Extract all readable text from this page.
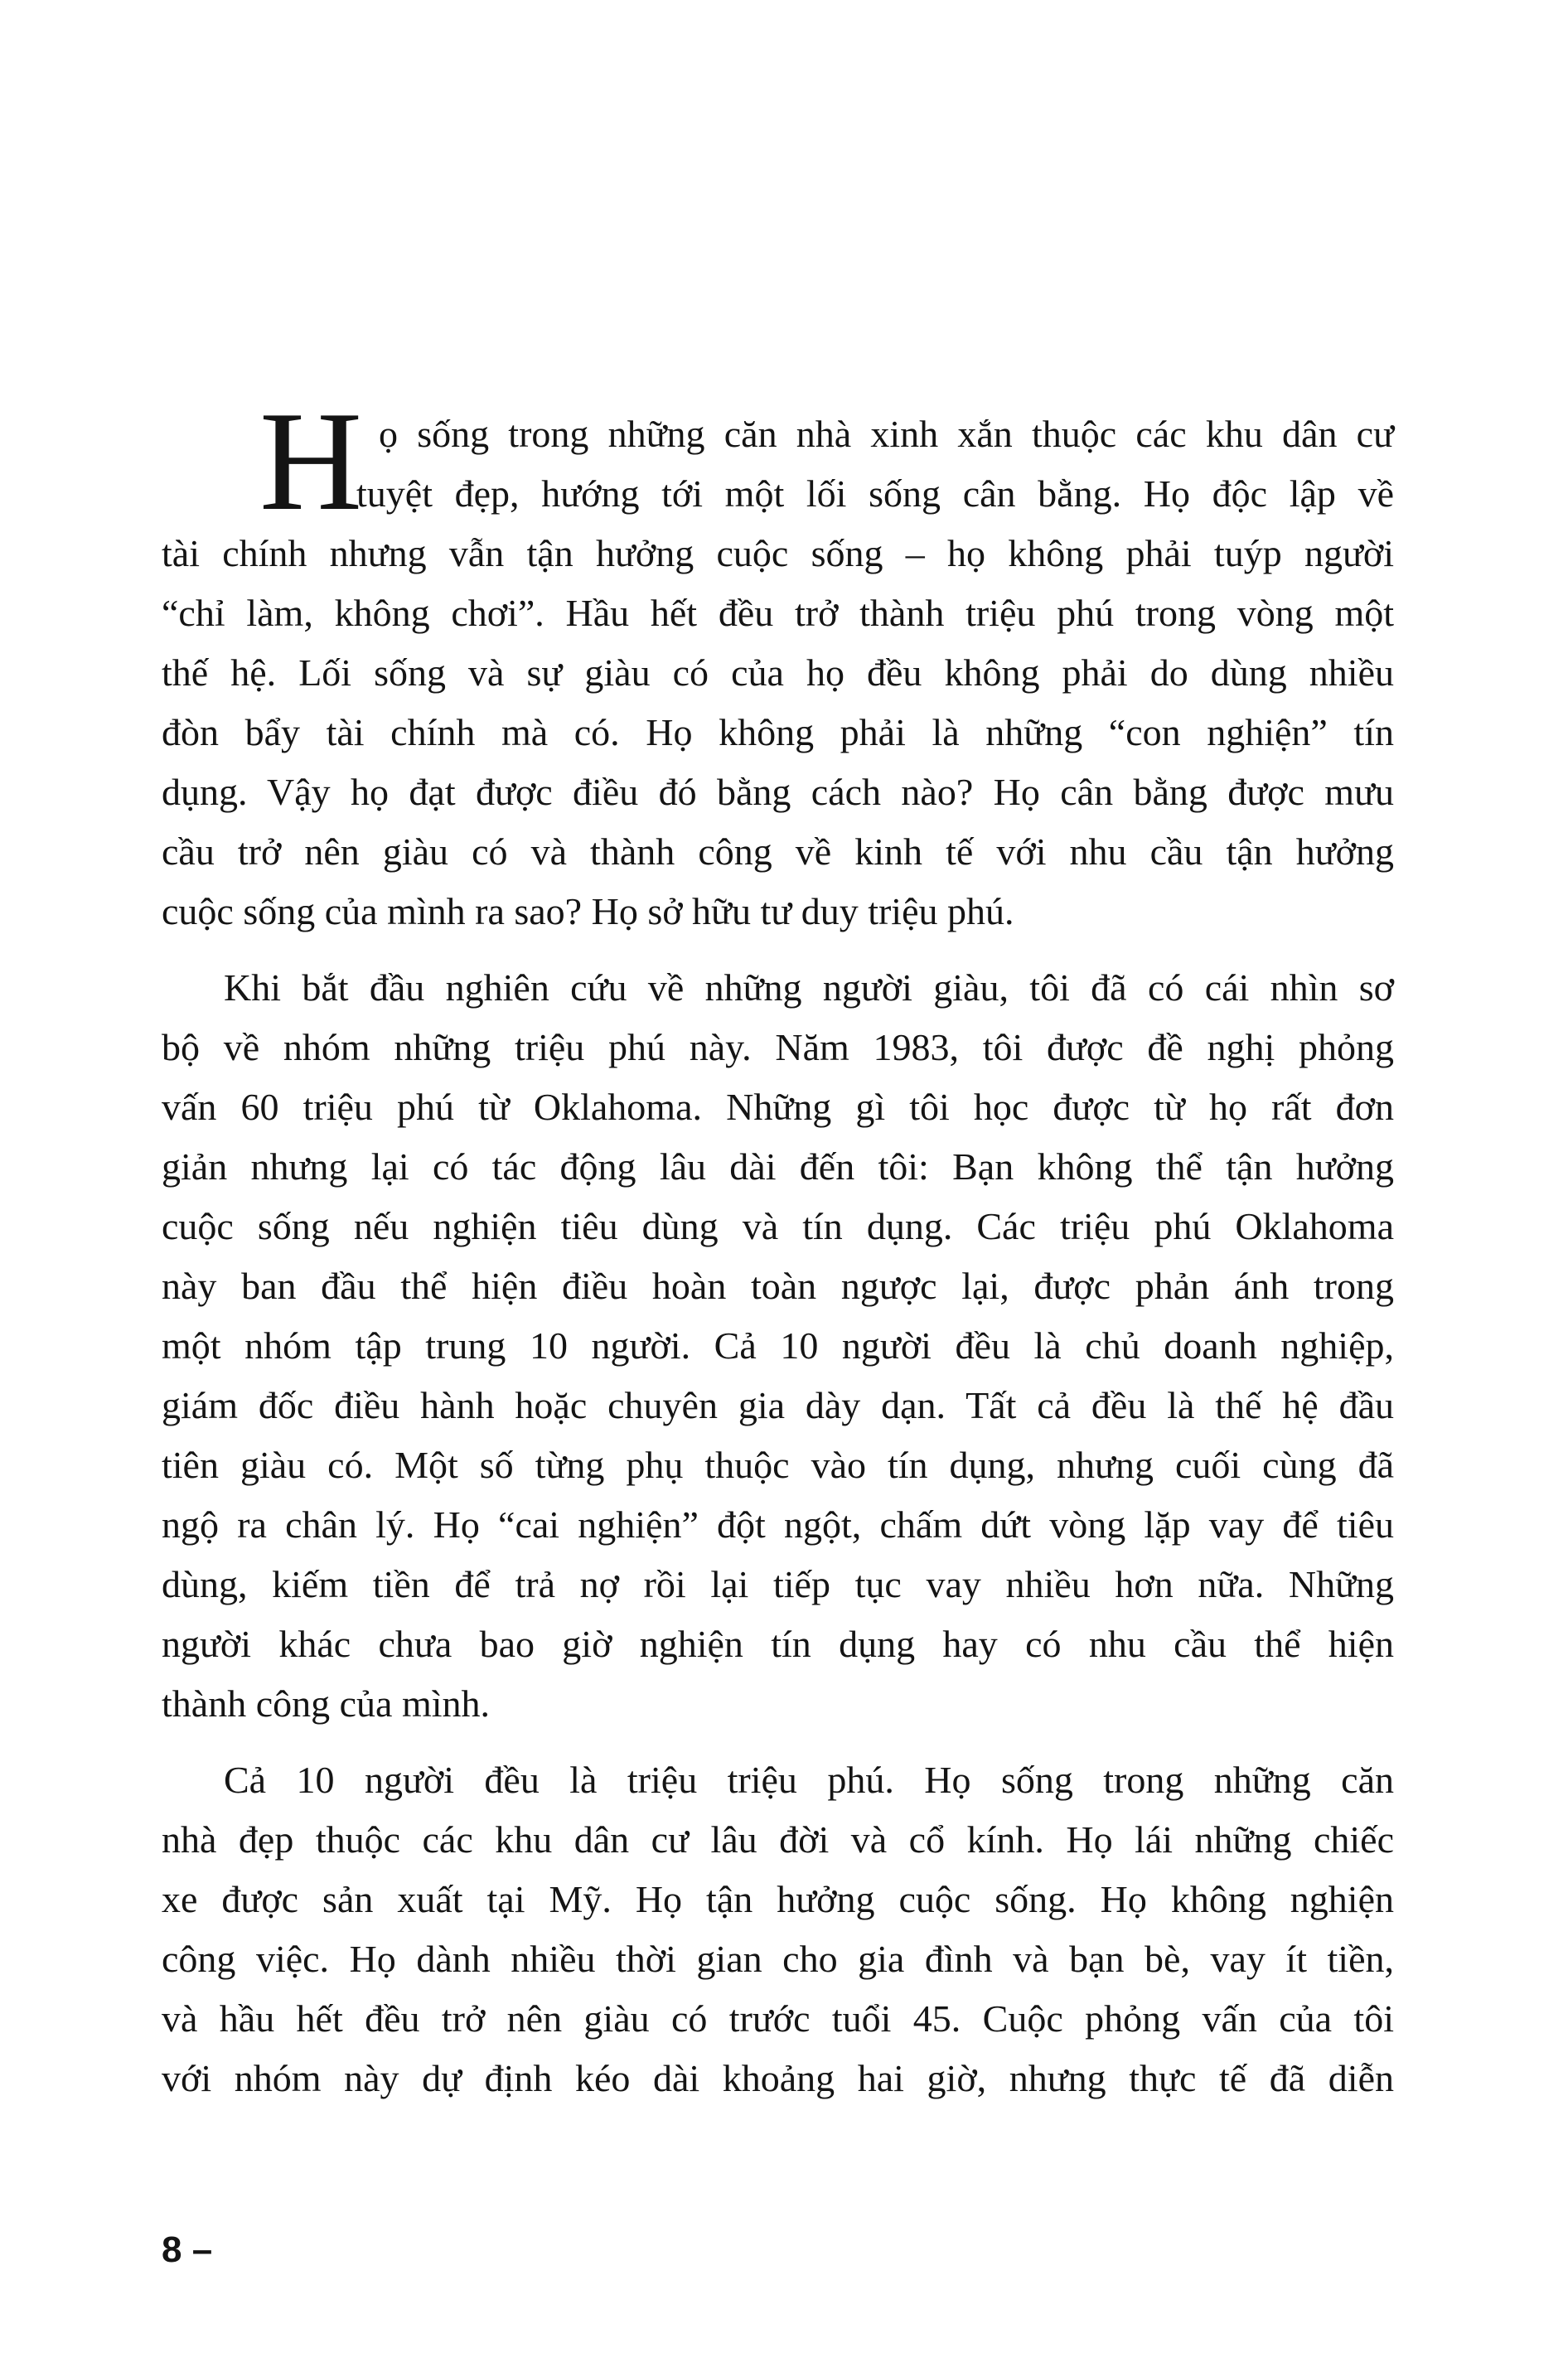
H ọ sống trong những căn nhà xinh xắn thuộc các khu dân cư
tuyệt đẹp, hướng tới một lối sống cân bằng. Họ độc lập về
tài chính nhưng vẫn tận hưởng cuộc sống – họ không phải tuýp người
“chỉ làm, không chơi”. Hầu hết đều trở thành triệu phú trong vòng một
thế hệ. Lối sống và sự giàu có của họ đều không phải do dùng nhiều
đòn bẩy tài chính mà có. Họ không phải là những “con nghiện” tín
dụng. Vậy họ đạt được điều đó bằng cách nào? Họ cân bằng được mưu
cầu trở nên giàu có và thành công về kinh tế với nhu cầu tận hưởng
cuộc sống của mình ra sao? Họ sở hữu tư duy triệu phú.
Khi bắt đầu nghiên cứu về những người giàu, tôi đã có cái nhìn sơ
bộ về nhóm những triệu phú này. Năm 1983, tôi được đề nghị phỏng
vấn 60 triệu phú từ Oklahoma. Những gì tôi học được từ họ rất đơn
giản nhưng lại có tác động lâu dài đến tôi: Bạn không thể tận hưởng
cuộc sống nếu nghiện tiêu dùng và tín dụng. Các triệu phú Oklahoma
này ban đầu thể hiện điều hoàn toàn ngược lại, được phản ánh trong
một nhóm tập trung 10 người. Cả 10 người đều là chủ doanh nghiệp,
giám đốc điều hành hoặc chuyên gia dày dạn. Tất cả đều là thế hệ đầu
tiên giàu có. Một số từng phụ thuộc vào tín dụng, nhưng cuối cùng đã
ngộ ra chân lý. Họ “cai nghiện” đột ngột, chấm dứt vòng lặp vay để tiêu
dùng, kiếm tiền để trả nợ rồi lại tiếp tục vay nhiều hơn nữa. Những
người khác chưa bao giờ nghiện tín dụng hay có nhu cầu thể hiện
thành công của mình.
Cả 10 người đều là triệu triệu phú. Họ sống trong những căn
nhà đẹp thuộc các khu dân cư lâu đời và cổ kính. Họ lái những chiếc
xe được sản xuất tại Mỹ. Họ tận hưởng cuộc sống. Họ không nghiện
công việc. Họ dành nhiều thời gian cho gia đình và bạn bè, vay ít tiền,
và hầu hết đều trở nên giàu có trước tuổi 45. Cuộc phỏng vấn của tôi
với nhóm này dự định kéo dài khoảng hai giờ, nhưng thực tế đã diễn
8 –
